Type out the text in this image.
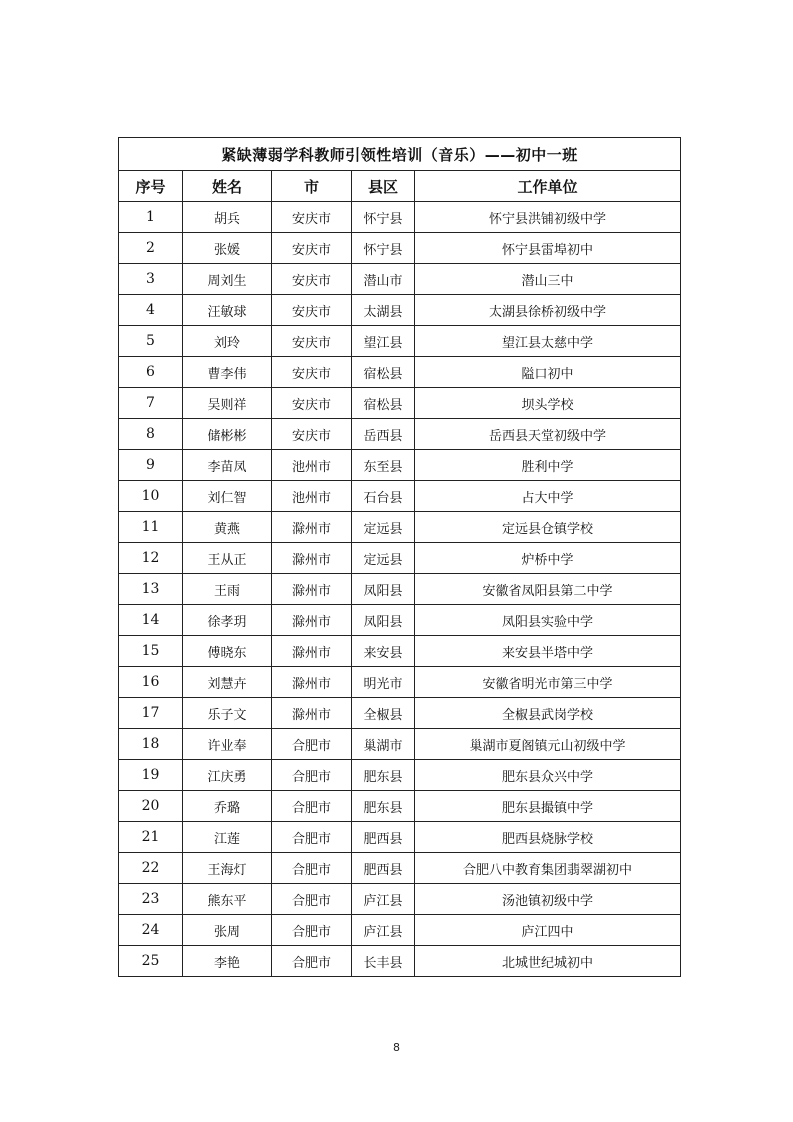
紧缺薄弱学科教师引领性培训（音乐）——初中一班				
序号	姓名	市	县区	工作单位
1	胡兵	安庆市	怀宁县	怀宁县洪铺初级中学
2	张媛	安庆市	怀宁县	怀宁县雷埠初中
3	周刘生	安庆市	潜山市	潜山三中
4	汪敏球	安庆市	太湖县	太湖县徐桥初级中学
5	刘玲	安庆市	望江县	望江县太慈中学
6	曹李伟	安庆市	宿松县	隘口初中
7	吴则祥	安庆市	宿松县	坝头学校
8	储彬彬	安庆市	岳西县	岳西县天堂初级中学
9	李苗凤	池州市	东至县	胜利中学
10	刘仁智	池州市	石台县	占大中学
11	黄燕	滁州市	定远县	定远县仓镇学校
12	王从正	滁州市	定远县	炉桥中学
13	王雨	滁州市	凤阳县	安徽省凤阳县第二中学
14	徐孝玥	滁州市	凤阳县	凤阳县实验中学
15	傅晓东	滁州市	来安县	来安县半塔中学
16	刘慧卉	滁州市	明光市	安徽省明光市第三中学
17	乐子文	滁州市	全椒县	全椒县武岗学校
18	许业奉	合肥市	巢湖市	巢湖市夏阁镇元山初级中学
19	江庆勇	合肥市	肥东县	肥东县众兴中学
20	乔璐	合肥市	肥东县	肥东县撮镇中学
21	江莲	合肥市	肥西县	肥西县烧脉学校
22	王海灯	合肥市	肥西县	合肥八中教育集团翡翠湖初中
23	熊东平	合肥市	庐江县	汤池镇初级中学
24	张周	合肥市	庐江县	庐江四中
25	李艳	合肥市	长丰县	北城世纪城初中
8
